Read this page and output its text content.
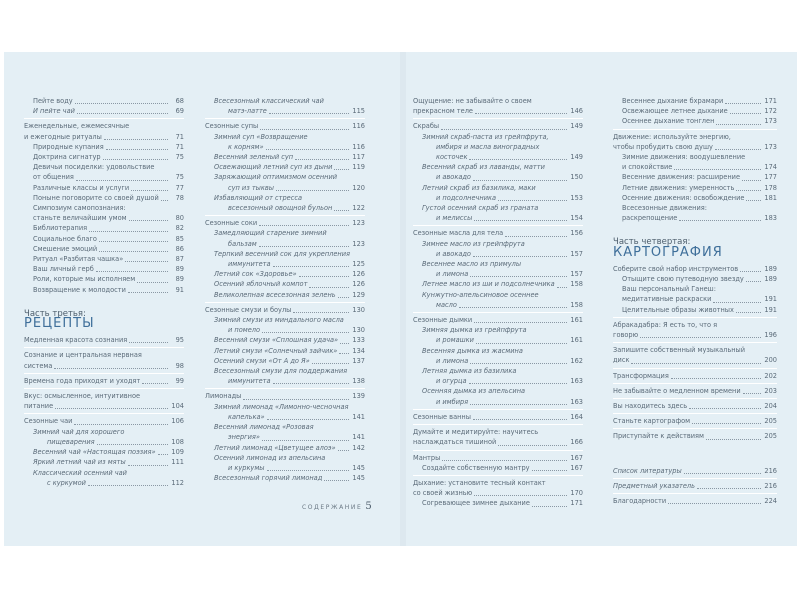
Пейте воду	68
И пейте чай	69
Еженедельные, ежемесячные
и ежегодные ритуалы	71
Природные купания	71
Доктрина сигнатур	75
Девичьи посиделки: удовольствие
от общения	75
Различные классы и услуги	77
Поныне поговорите со своей душой	78
Симпозиум самопознания:
станьте величайшим умом	80
Библиотерапия	82
Социальное благо	85
Смешение эмоций	86
Ритуал «Разбитая чашка»	87
Ваш личный герб	89
Роли, которые мы исполняем	89
Возвращение к молодости	91
Часть третья:
РЕЦЕПТЫ
Медленная красота сознания	95
Сознание и центральная нервная
система	98
Времена года приходят и уходят	99
Вкус: осмысленное, интуитивное
питание	104
Сезонные чаи	106
Зимний чай для хорошего
пищеварения	108
Весенний чай «Настоящая поэзия» 109
Яркий летний чай из мяты	111
Классический осенний чай
с куркумой	112
Всесезонный классический чай
матэ-латте	115
Сезонные супы	116
Зимний суп «Возвращение
к корням»	116
Весенний зеленый суп	117
Освежающий летний суп из дыни	119
Заряжающий оптимизмом осенний
суп из тыквы	120
Избавляющий от стресса
всесезонный овощной бульон	122
Сезонные соки	123
Замедляющий старение зимний
бальзам	123
Терпкий весенний сок для укрепления
иммунитета	125
Летний сок «Здоровье»	126
Осенний яблочный компот	126
Великолепная всесезонная зелень	129
Сезонные смузи и боулы	130
Зимний смузи из миндального масла
и помело	130
Весенний смузи «Сплошная удача» 133
Летний смузи «Солнечный зайчик» 134
Осенний смузи «От А до Я»	137
Всесезонный смузи для поддержания
иммунитета	138
Лимонады	139
Зимний лимонад «Лимонно-чесночная
капелька»	141
Весенний лимонад «Розовая
энергия»	141
Летний лимонад «Цветущее алоэ»	142
Осенний лимонад из апельсина
и куркумы	145
Всесезонный горячий лимонад	145
СОДЕРЖАНИЕ 5
Ощущение: не забывайте о своем
прекрасном теле	146
Скрабы	149
Зимний скраб-паста из грейпфрута,
имбиря и масла виноградных
косточек	149
Весенний скраб из лаванды, матти
и авокадо	150
Летний скраб из базилика, маки
и подсолнечника	153
Густой осенний скраб из граната
и мелиссы	154
Сезонные масла для тела	156
Зимнее масло из грейпфрута
и авокадо	157
Весеннее масло из примулы
и лимона	157
Летнее масло из ши и подсолнечника 158
Кунжутно-апельсиновое осеннее
масло	158
Сезонные дымки	161
Зимняя дымка из грейпфрута
и ромашки	161
Весенняя дымка из жасмина
и лимона	162
Летняя дымка из базилика
и огурца	163
Осенняя дымка из апельсина
и имбиря	163
Сезонные ванны	164
Думайте и медитируйте: научитесь
наслаждаться тишиной	166
Мантры	167
Создайте собственную мантру	167
Дыхание: установите тесный контакт
со своей жизнью	170
Согревающее зимнее дыхание	171
Весеннее дыхание бхрамари	171
Освежающее летнее дыхание	172
Осеннее дыхание тонглен	173
Движение: используйте энергию,
чтобы пробудить свою душу	173
Зимние движения: воодушевление
и спокойствие	174
Весенние движения: расширение	177
Летние движения: умеренность	178
Осенние движения: освобождение	181
Всесезонные движения:
раскрепощение	183
Часть четвертая:
КАРТОГРАФИЯ
Соберите свой набор инструментов	189
Отыщите свою путеводную звезду	189
Ваш персональный Ганеш:
медитативные раскраски	191
Целительные образы животных	191
Абракадабра: Я есть то, что я
говорю	196
Запишите собственный музыкальный
диск	200
Трансформация	202
Не забывайте о медленном времени	203
Вы находитесь здесь	204
Станьте картографом	205
Приступайте к действиям	205
Список литературы	216
Предметный указатель	216
Благодарности	224
